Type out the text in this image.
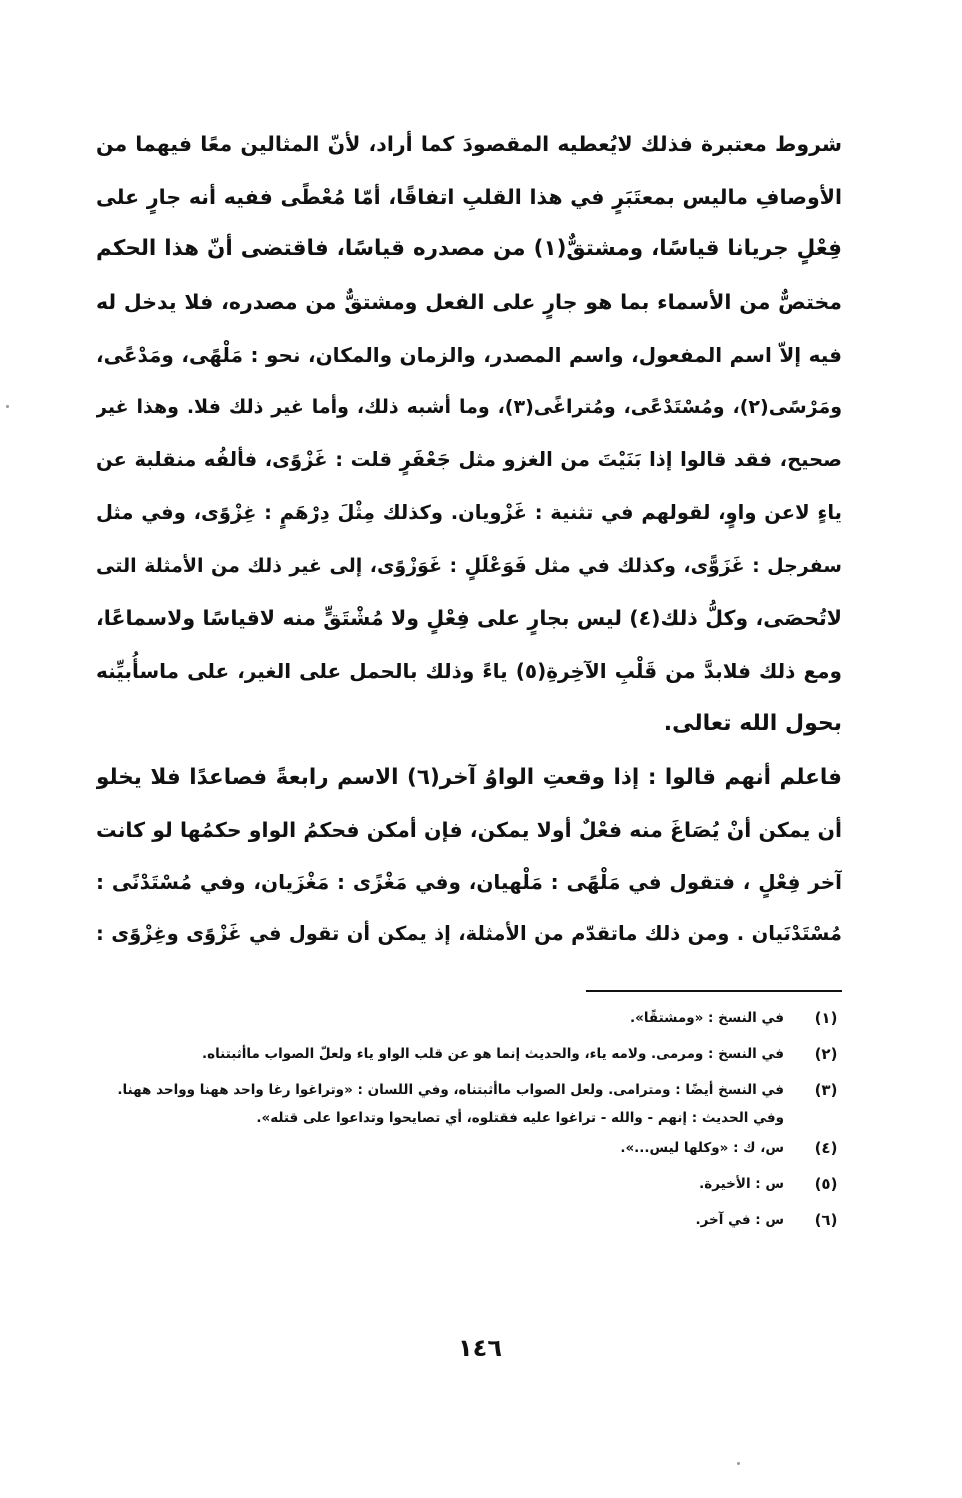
شروط معتبرة فذلك لايُعطيه المقصودَ كما أراد، لأنّ المثالين معًا فيهما من
الأوصافِ ماليس بمعتَبَرٍ في هذا القلبِ اتفاقًا، أمّا مُعْطًى ففيه أنه جارٍ على
فِعْلٍ جريانا قياسًا، ومشتقٌّ(١) من مصدره قياسًا، فاقتضى أنّ هذا الحكم
مختصٌّ من الأسماء بما هو جارٍ على الفعل ومشتقٌّ من مصدره، فلا يدخل له
فيه إلاّ اسم المفعول، واسم المصدر، والزمان والمكان، نحو : مَلْهًى، ومَدْعًى،
ومَرْسًى(٢)، ومُسْتَدْعًى، ومُتراغًى(٣)، وما أشبه ذلك، وأما غير ذلك فلا. وهذا غير
صحيح، فقد قالوا إذا بَنَيْتَ من الغزو مثل جَعْفَرٍ قلت : غَزْوًى، فألفُه منقلبة عن
ياءٍ لاعن واوٍ، لقولهم في تثنية : غَزْويان. وكذلك مِثْلَ دِرْهَمٍ : غِزْوًى، وفي مثل
سفرجل : غَزَوًّى، وكذلك في مثل فَوَعْلَلٍ : غَوَزْوًى، إلى غير ذلك من الأمثلة التى
لاتُحصَى، وكلُّ ذلك(٤) ليس بجارٍ على فِعْلٍ ولا مُشْتَقٍّ منه لاقياسًا ولاسماعًا،
ومع ذلك فلابدَّ من قَلْبِ الآخِرةِ(٥) ياءً وذلك بالحمل على الغير، على ماسأُبيِّنه
بحول الله تعالى.
فاعلم أنهم قالوا : إذا وقعتِ الواوُ آخر(٦) الاسم رابعةً فصاعدًا فلا يخلو
أن يمكن أنْ يُصَاغَ منه فعْلٌ أولا يمكن، فإن أمكن فحكمُ الواو حكمُها لو كانت
آخر فِعْلٍ ، فتقول في مَلْهًى : مَلْهيان، وفي مَغْزًى : مَغْزَيان، وفي مُسْتَدْنًى :
مُسْتَدْنَيان . ومن ذلك ماتقدّم من الأمثلة، إذ يمكن أن تقول في غَزْوًى وغِزْوًى :
(١)
في النسخ : «ومشتقًا».
(٢)
في النسخ : ومرمى. ولامه ياء، والحديث إنما هو عن قلب الواو ياء ولعلّ الصواب ماأثبتناه.
(٣)
في النسخ أيضًا : ومترامى. ولعل الصواب ماأثبتناه، وفي اللسان : «وتراغوا رغا واحد ههنا وواحد ههنا. وفي الحديث : إنهم - والله - تراغوا عليه فقتلوه، أي تصايحوا وتداعوا على قتله».
(٤)
س، ك : «وكلها ليس...».
(٥)
س : الأخيرة.
(٦)
س : في آخر.
١٤٦
